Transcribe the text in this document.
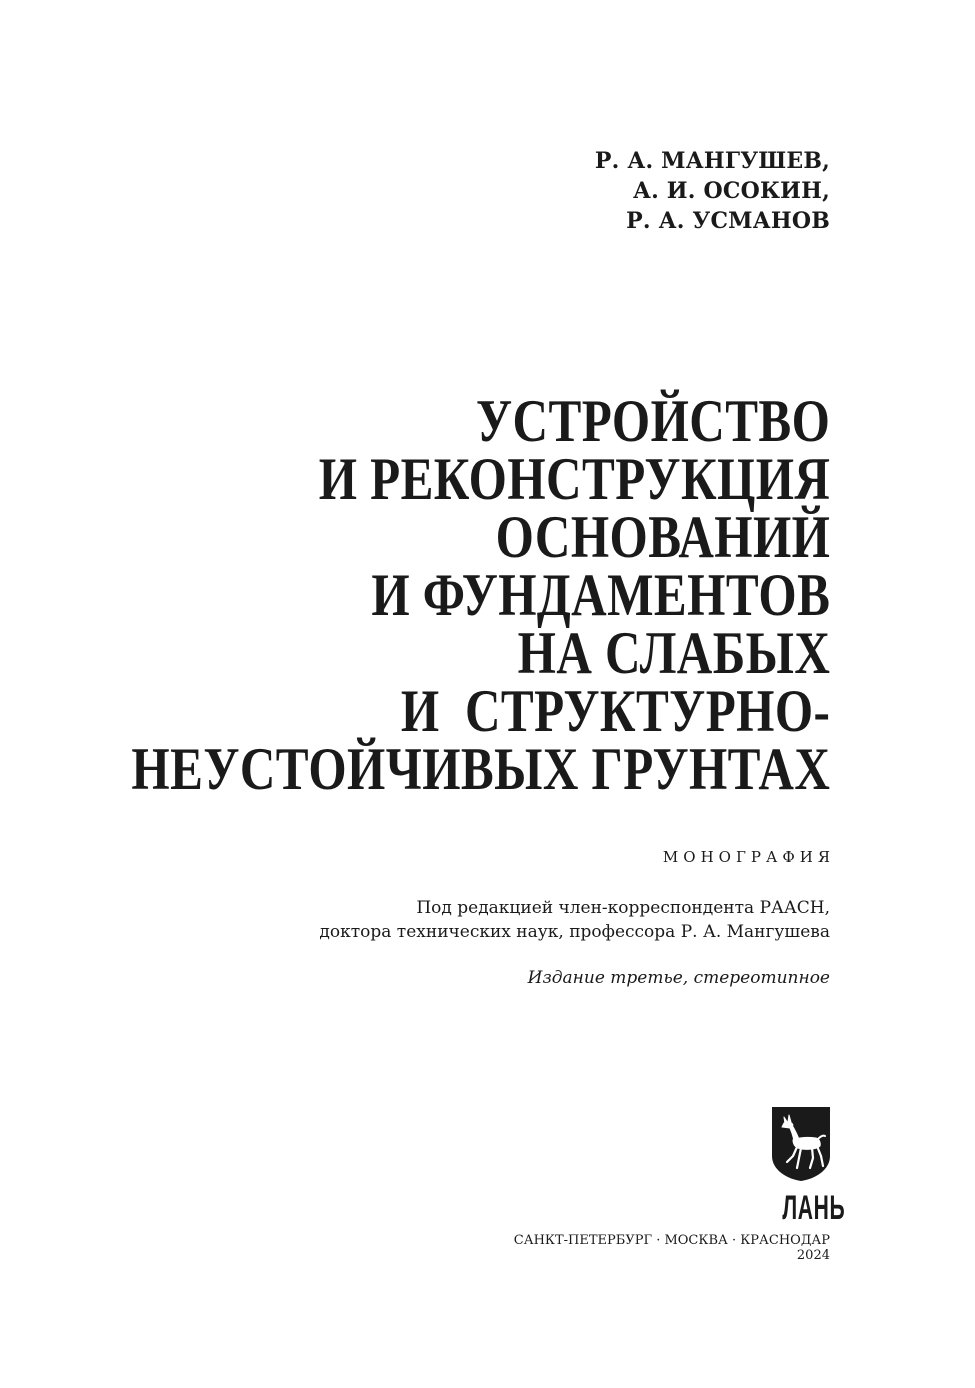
Р. А. МАНГУШЕВ,
А. И. ОСОКИН,
Р. А. УСМАНОВ
УСТРОЙСТВО
И РЕКОНСТРУКЦИЯ
ОСНОВАНИЙ
И ФУНДАМЕНТОВ
НА СЛАБЫХ
И  СТРУКТУРНО-
НЕУСТОЙЧИВЫХ ГРУНТАХ
МОНОГРАФИЯ
Под редакцией член-корреспондента РААСН,
доктора технических наук, профессора Р. А. Мангушева
Издание третье, стереотипное
ЛАНЬ
САНКТ-ПЕТЕРБУРГ · МОСКВА · КРАСНОДАР
2024
